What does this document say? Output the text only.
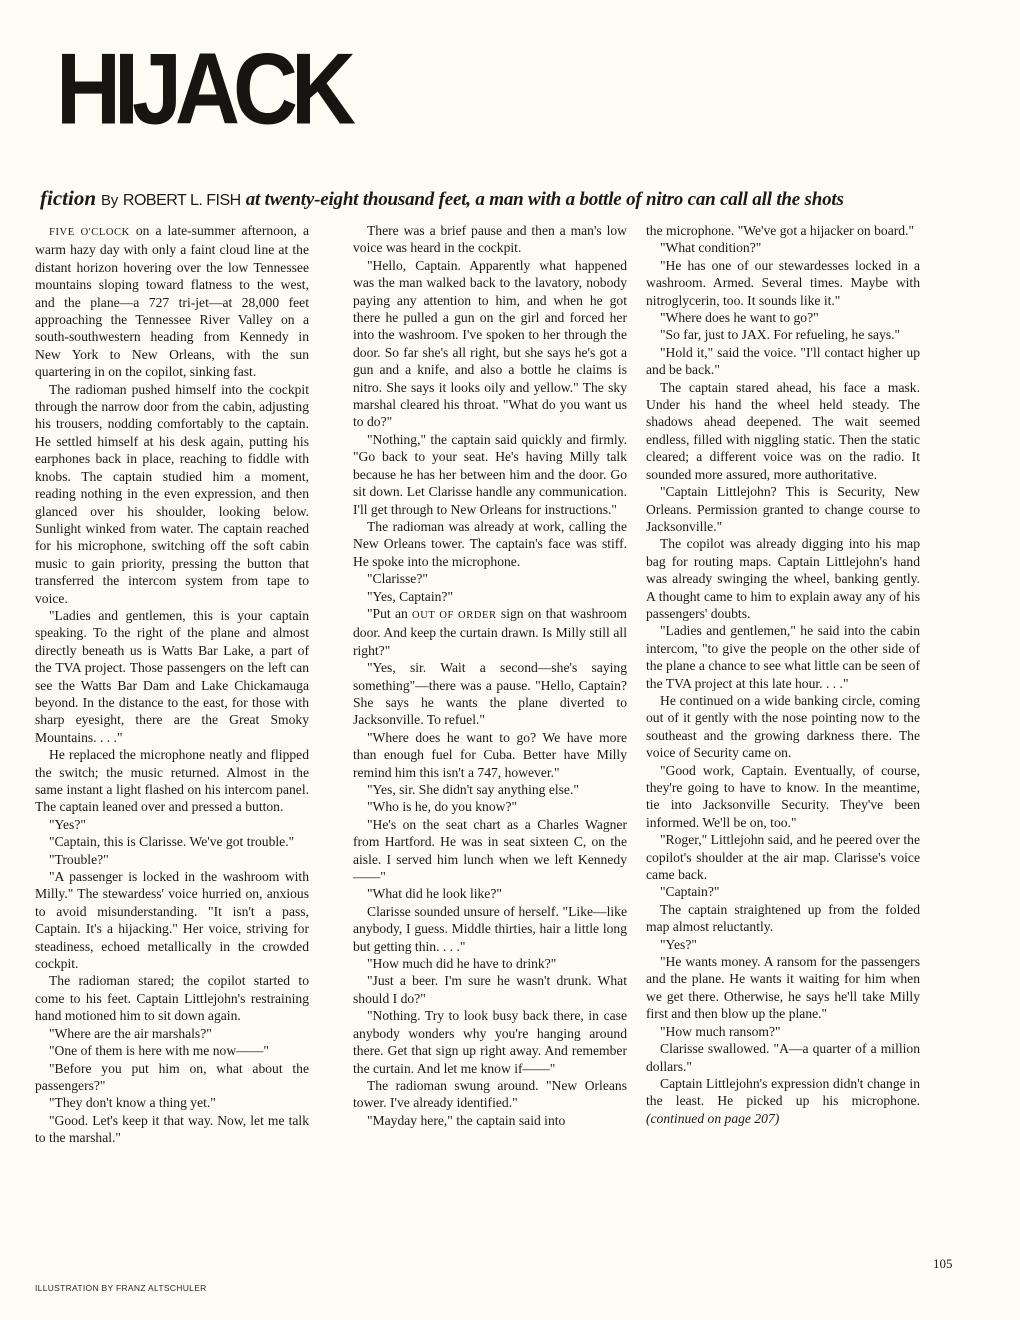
HIJACK
fiction By ROBERT L. FISH at twenty-eight thousand feet, a man with a bottle of nitro can call all the shots

FIVE O'CLOCK on a late-summer afternoon, a warm hazy day with only a faint cloud line at the distant horizon hovering over the low Tennessee mountains sloping toward flatness to the west, and the plane—a 727 tri-jet—at 28,000 feet approaching the Tennessee River Valley on a south-southwestern heading from Kennedy in New York to New Orleans, with the sun quartering in on the copilot, sinking fast.

The radioman pushed himself into the cockpit through the narrow door from the cabin, adjusting his trousers, nodding comfortably to the captain. He settled himself at his desk again, putting his earphones back in place, reaching to fiddle with knobs. The captain studied him a moment, reading nothing in the even expression, and then glanced over his shoulder, looking below. Sunlight winked from water. The captain reached for his microphone, switching off the soft cabin music to gain priority, pressing the button that transferred the intercom system from tape to voice.

"Ladies and gentlemen, this is your captain speaking. To the right of the plane and almost directly beneath us is Watts Bar Lake, a part of the TVA project. Those passengers on the left can see the Watts Bar Dam and Lake Chickamauga beyond. In the distance to the east, for those with sharp eyesight, there are the Great Smoky Mountains. . . ."

He replaced the microphone neatly and flipped the switch; the music returned. Almost in the same instant a light flashed on his intercom panel. The captain leaned over and pressed a button.

"Yes?"

"Captain, this is Clarisse. We've got trouble."

"Trouble?"

"A passenger is locked in the washroom with Milly." The stewardess' voice hurried on, anxious to avoid misunderstanding. "It isn't a pass, Captain. It's a hijacking." Her voice, striving for steadiness, echoed metallically in the crowded cockpit.

The radioman stared; the copilot started to come to his feet. Captain Littlejohn's restraining hand motioned him to sit down again.

"Where are the air marshals?"

"One of them is here with me now——"

"Before you put him on, what about the passengers?"

"They don't know a thing yet."

"Good. Let's keep it that way. Now, let me talk to the marshal."

There was a brief pause and then a man's low voice was heard in the cockpit.

"Hello, Captain. Apparently what happened was the man walked back to the lavatory, nobody paying any attention to him, and when he got there he pulled a gun on the girl and forced her into the washroom. I've spoken to her through the door. So far she's all right, but she says he's got a gun and a knife, and also a bottle he claims is nitro. She says it looks oily and yellow." The sky marshal cleared his throat. "What do you want us to do?"

"Nothing," the captain said quickly and firmly. "Go back to your seat. He's having Milly talk because he has her between him and the door. Go sit down. Let Clarisse handle any communication. I'll get through to New Orleans for instructions."

The radioman was already at work, calling the New Orleans tower. The captain's face was stiff. He spoke into the microphone.

"Clarisse?"

"Yes, Captain?"

"Put an OUT OF ORDER sign on that washroom door. And keep the curtain drawn. Is Milly still all right?"

"Yes, sir. Wait a second—she's saying something"—there was a pause. "Hello, Captain? She says he wants the plane diverted to Jacksonville. To refuel."

"Where does he want to go? We have more than enough fuel for Cuba. Better have Milly remind him this isn't a 747, however."

"Yes, sir. She didn't say anything else."

"Who is he, do you know?"

"He's on the seat chart as a Charles Wagner from Hartford. He was in seat sixteen C, on the aisle. I served him lunch when we left Kennedy——"

"What did he look like?"

Clarisse sounded unsure of herself. "Like—like anybody, I guess. Middle thirties, hair a little long but getting thin. . . ."

"How much did he have to drink?"

"Just a beer. I'm sure he wasn't drunk. What should I do?"

"Nothing. Try to look busy back there, in case anybody wonders why you're hanging around there. Get that sign up right away. And remember the curtain. And let me know if——"

The radioman swung around. "New Orleans tower. I've already identified."

"Mayday here," the captain said into

the microphone. "We've got a hijacker on board."

"What condition?"

"He has one of our stewardesses locked in a washroom. Armed. Several times. Maybe with nitroglycerin, too. It sounds like it."

"Where does he want to go?"

"So far, just to JAX. For refueling, he says."

"Hold it," said the voice. "I'll contact higher up and be back."

The captain stared ahead, his face a mask. Under his hand the wheel held steady. The shadows ahead deepened. The wait seemed endless, filled with niggling static. Then the static cleared; a different voice was on the radio. It sounded more assured, more authoritative.

"Captain Littlejohn? This is Security, New Orleans. Permission granted to change course to Jacksonville."

The copilot was already digging into his map bag for routing maps. Captain Littlejohn's hand was already swinging the wheel, banking gently. A thought came to him to explain away any of his passengers' doubts.

"Ladies and gentlemen," he said into the cabin intercom, "to give the people on the other side of the plane a chance to see what little can be seen of the TVA project at this late hour. . . ."

He continued on a wide banking circle, coming out of it gently with the nose pointing now to the southeast and the growing darkness there. The voice of Security came on.

"Good work, Captain. Eventually, of course, they're going to have to know. In the meantime, tie into Jacksonville Security. They've been informed. We'll be on, too."

"Roger," Littlejohn said, and he peered over the copilot's shoulder at the air map. Clarisse's voice came back.

"Captain?"

The captain straightened up from the folded map almost reluctantly.

"Yes?"

"He wants money. A ransom for the passengers and the plane. He wants it waiting for him when we get there. Otherwise, he says he'll take Milly first and then blow up the plane."

"How much ransom?"

Clarisse swallowed. "A—a quarter of a million dollars."

Captain Littlejohn's expression didn't change in the least. He picked up his microphone. (continued on page 207)

105
ILLUSTRATION BY FRANZ ALTSCHULER
